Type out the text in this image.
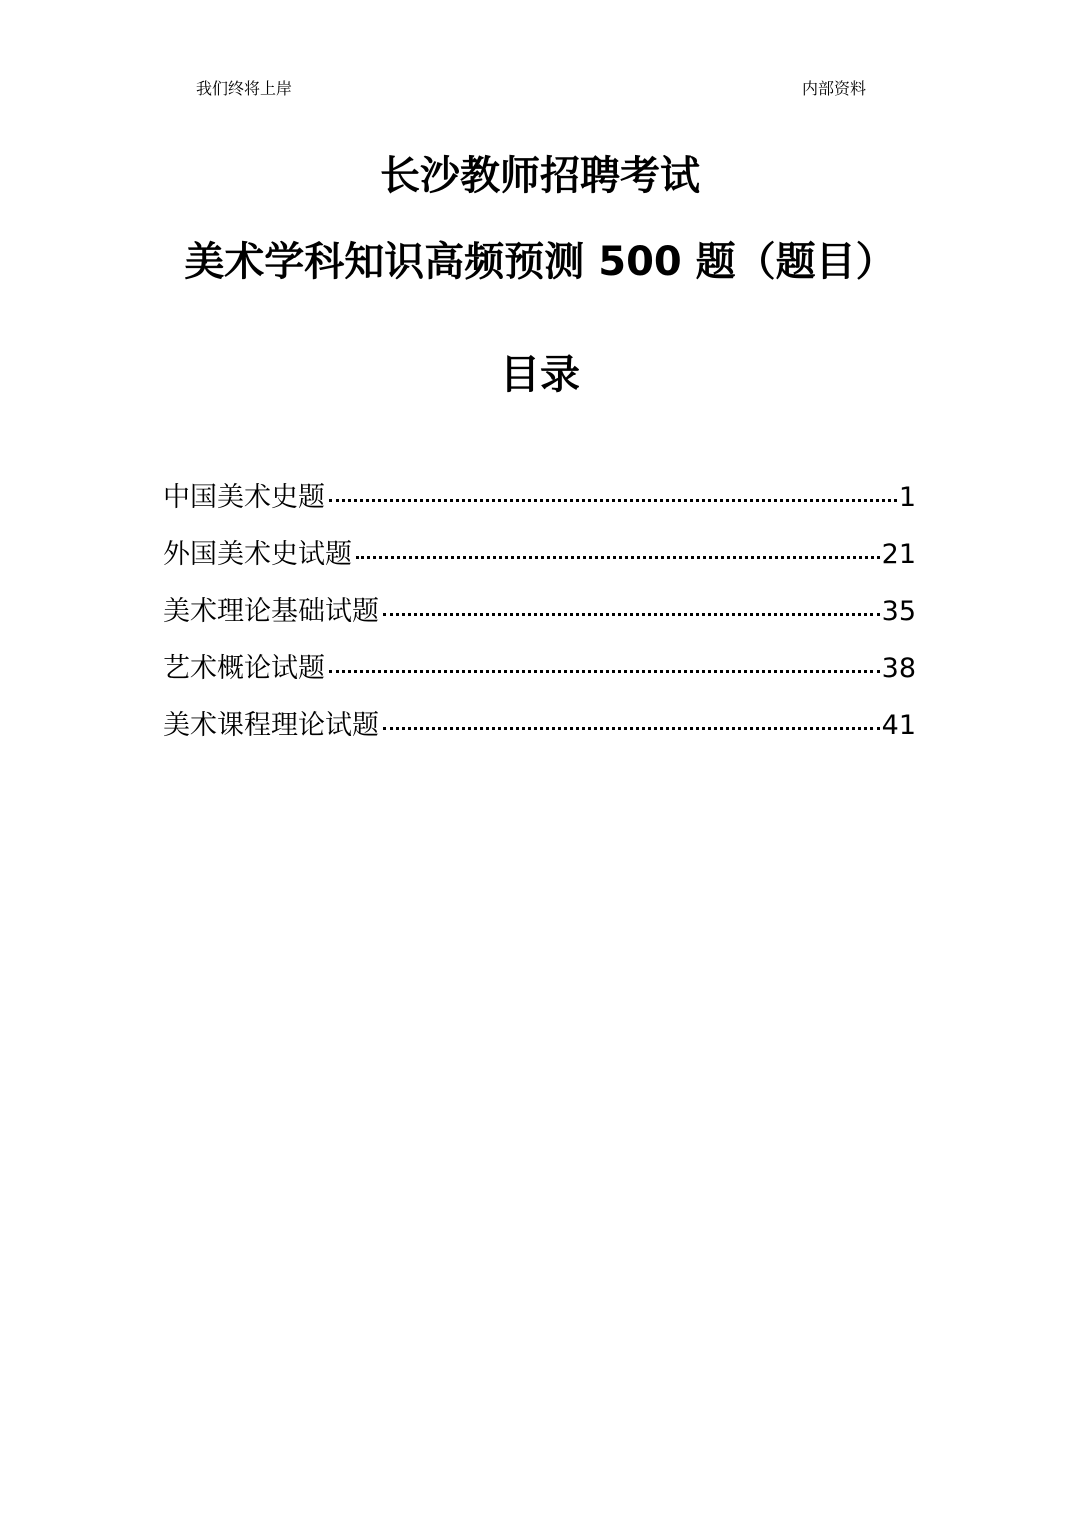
我们终将上岸	内部资料
长沙教师招聘考试
美术学科知识高频预测 500 题（题目）
目录
中国美术史题	1
外国美术史试题	21
美术理论基础试题	35
艺术概论试题	38
美术课程理论试题	41
